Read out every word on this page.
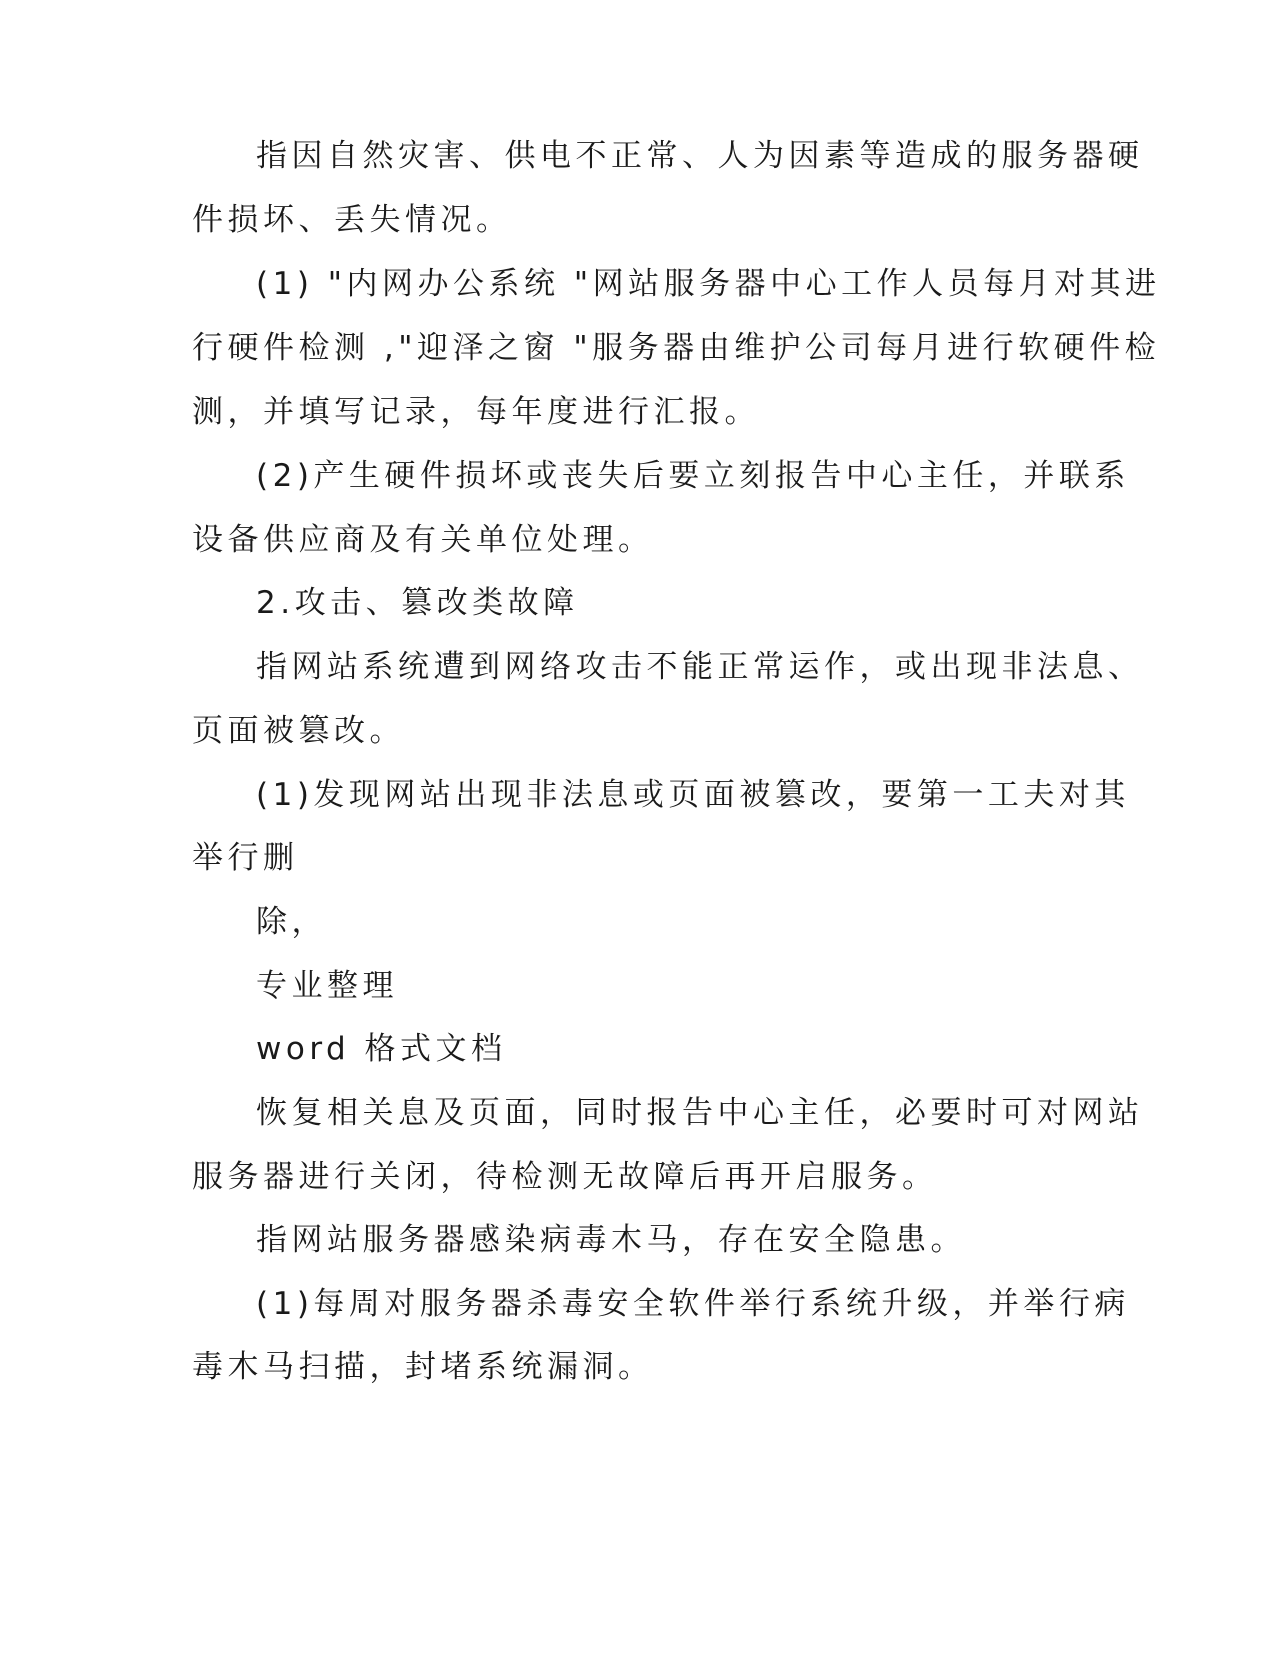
指因自然灾害、供电不正常、人为因素等造成的服务器硬
件损坏、丢失情况。
(1) "内网办公系统 "网站服务器中心工作人员每月对其进
行硬件检测 ,"迎泽之窗 "服务器由维护公司每月进行软硬件检
测，并填写记录，每年度进行汇报。
(2)产生硬件损坏或丧失后要立刻报告中心主任，并联系
设备供应商及有关单位处理。
2.攻击、篡改类故障
指网站系统遭到网络攻击不能正常运作，或出现非法息、
页面被篡改。
(1)发现网站出现非法息或页面被篡改，要第一工夫对其
举行删
除，
专业整理
word 格式文档
恢复相关息及页面，同时报告中心主任，必要时可对网站
服务器进行关闭，待检测无故障后再开启服务。
指网站服务器感染病毒木马，存在安全隐患。
(1)每周对服务器杀毒安全软件举行系统升级，并举行病
毒木马扫描，封堵系统漏洞。
